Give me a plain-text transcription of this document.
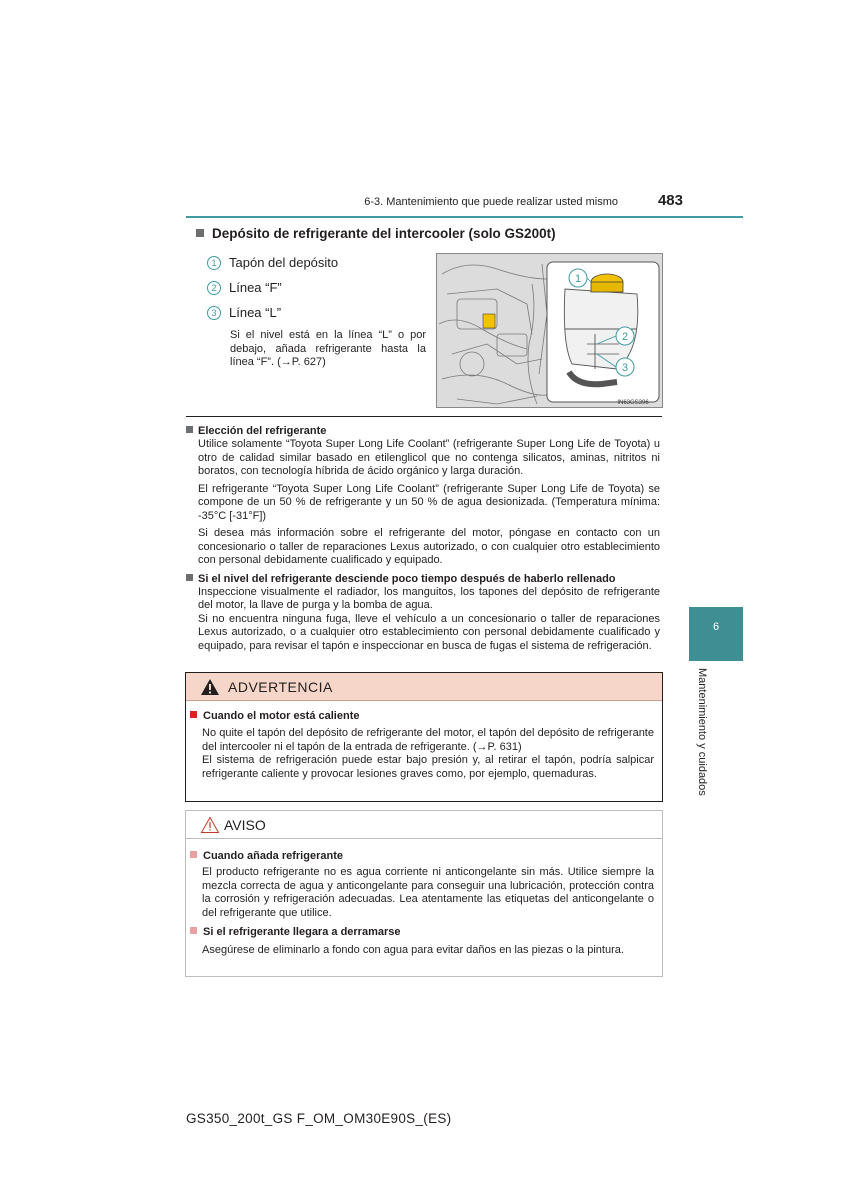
6-3. Mantenimiento que puede realizar usted mismo	483
6
Mantenimiento y cuidados
Depósito de refrigerante del intercooler (solo GS200t)
1 Tapón del depósito
2 Línea “F”
3 Línea “L”
Si el nivel está en la línea “L” o por debajo, añada refrigerante hasta la línea “F”. (→P. 627)
1
2
3
IN63GS396
Elección del refrigerante

Utilice solamente “Toyota Super Long Life Coolant” (refrigerante Super Long Life de Toyota) u otro de calidad similar basado en etilenglicol que no contenga silicatos, aminas, nitritos ni boratos, con tecnología híbrida de ácido orgánico y larga duración.

El refrigerante “Toyota Super Long Life Coolant” (refrigerante Super Long Life de Toyota) se compone de un 50 % de refrigerante y un 50 % de agua desionizada. (Temperatura mínima: -35°C [-31°F])

Si desea más información sobre el refrigerante del motor, póngase en contacto con un concesionario o taller de reparaciones Lexus autorizado, o con cualquier otro establecimiento con personal debidamente cualificado y equipado.

Si el nivel del refrigerante desciende poco tiempo después de haberlo rellenado

Inspeccione visualmente el radiador, los manguitos, los tapones del depósito de refrigerante del motor, la llave de purga y la bomba de agua.

Si no encuentra ninguna fuga, lleve el vehículo a un concesionario o taller de reparaciones Lexus autorizado, o a cualquier otro establecimiento con personal debidamente cualificado y equipado, para revisar el tapón e inspeccionar en busca de fugas el sistema de refrigeración.

ADVERTENCIA
Cuando el motor está caliente

No quite el tapón del depósito de refrigerante del motor, el tapón del depósito de refrigerante del intercooler ni el tapón de la entrada de refrigerante. (→P. 631)

El sistema de refrigeración puede estar bajo presión y, al retirar el tapón, podría salpicar refrigerante caliente y provocar lesiones graves como, por ejemplo, quemaduras.

AVISO
Cuando añada refrigerante

El producto refrigerante no es agua corriente ni anticongelante sin más. Utilice siempre la mezcla correcta de agua y anticongelante para conseguir una lubricación, protección contra la corrosión y refrigeración adecuadas. Lea atentamente las etiquetas del anticongelante o del refrigerante que utilice.

Si el refrigerante llegara a derramarse

Asegúrese de eliminarlo a fondo con agua para evitar daños en las piezas o la pintura.

GS350_200t_GS F_OM_OM30E90S_(ES)
